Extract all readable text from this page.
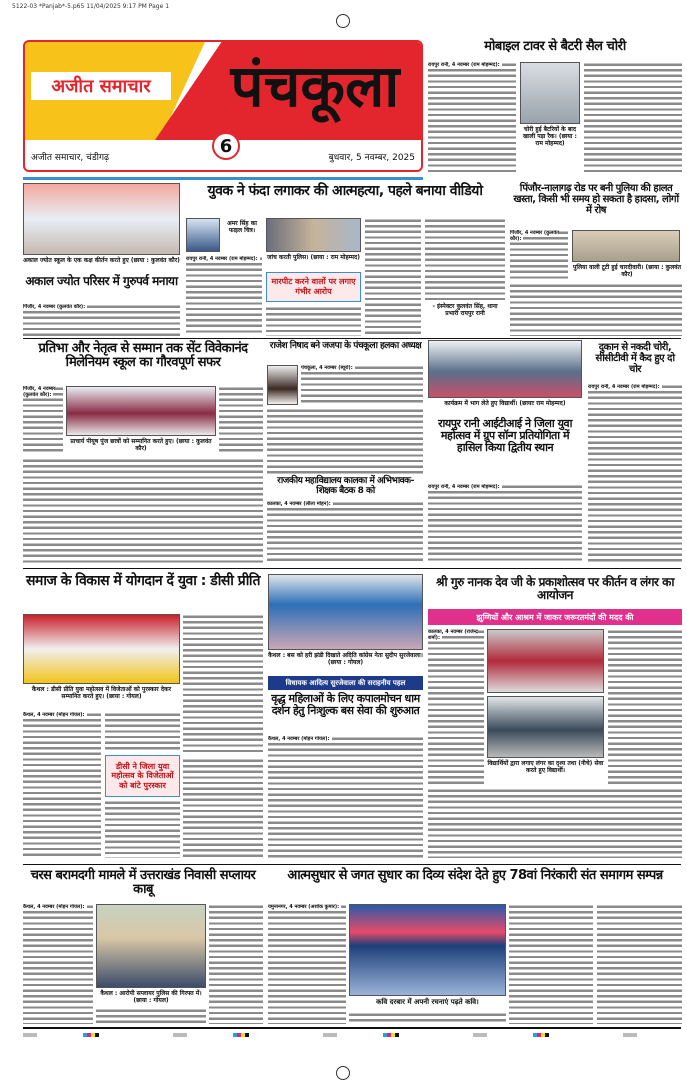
5122-03 *Panjab*-5.p65 11/04/2025 9:17 PM Page 1
अजीत समाचार	पंचकूला
अजीत समाचार, चंडीगढ़
6
बुधवार, 5 नवम्बर, 2025
मोबाइल टावर से बैटरी सैल चोरी
रायपुर रानी, 4 नवम्बर (राम मोहम्मद):
चोरी हुई बैटरियों के बाद खाली पड़ा रैक। (छाया : राम मोहम्मद)
अकाल ज्योत स्कूल के एक कक्ष कीर्तन करते हुए (छाया : कुलवंत कौर)
अकाल ज्योत परिसर में गुरुपर्व मनाया
पिंजौर, 4 नवम्बर (कुलवंत कौर):
युवक ने फंदा लगाकर की आत्महत्या, पहले बनाया वीडियो
अमर सिंह का फाइल चित्र।
रायपुर रानी, 4 नवम्बर (राम मोहम्मद):	जांच करती पुलिस। (छाया : राम मोहम्मद)
मारपीट करने वालों पर लगाए गंभीर आरोप
- इंस्पेक्टर कुलवंत सिंह, थाना प्रभारी रायपुर रानी
पिंजौर-नालागढ़ रोड पर बनी पुलिया की हालत खस्ता, किसी भी समय हो सकता है हादसा, लोगों में रोष
पिंजौर, 4 नवम्बर (कुलवंत कौर):
पुलिया वाली टूटी हुई चारदीवारी। (छाया : कुलवंत कौर)
प्रतिभा और नेतृत्व से सम्मान तक सेंट विवेकानंद मिलेनियम स्कूल का गौरवपूर्ण सफर
पिंजौर, 4 नवम्बर (कुलवंत कौर):
प्राचार्य पीयूष पुंज छात्रों को सम्मानित करते हुए। (छाया : कुलवंत कौर)
राजेश निषाद बने जजपा के पंचकूला हलका अध्यक्ष
पंचकूला, 4 नवम्बर (ब्यूरो):
राजकीय महाविद्यालय कालका में अभिभावक-शिक्षक बैठक 8 को
कालका, 4 नवम्बर (लीला मोहन):
कार्यक्रम में भाग लेते हुए विद्यार्थी। (छायाः राम मोहम्मद)
रायपुर रानी आईटीआई ने जिला युवा महोत्सव में ग्रुप सॉन्ग प्रतियोगिता में हासिल किया द्वितीय स्थान
रायपुर रानी, 4 नवम्बर (राम मोहम्मद):
दुकान से नकदी चोरी, सीसीटीवी में कैद हुए दो चोर
रायपुर रानी, 4 नवम्बर (राम मोहम्मद):
समाज के विकास में योगदान दें युवा : डीसी प्रीति
कैथल : डीसी प्रीति युवा महोत्सव में विजेताओं को पुरस्कार देकर सम्मानित करते हुए। (छाया : गोयल)
कैथल, 4 नवम्बर (मोहन गोयल):
डीसी ने जिला युवा महोत्सव के विजेताओं को बांटे पुरस्कार
कैथल : बस को हरी झंडी दिखाते अदिति कांग्रेस नेता सुदीप सुरजेवाला। (छाया : गोयल)
विधायक आदित्य सुरजेवाला की सराहनीय पहल
वृद्ध महिलाओं के लिए कपालमोचन धाम दर्शन हेतु निःशुल्क बस सेवा की शुरुआत
कैथल, 4 नवम्बर (मोहन गोयल):
श्री गुरु नानक देव जी के प्रकाशोत्सव पर कीर्तन व लंगर का आयोजन
झुग्गियों और आश्रम में जाकर जरूरतमंदों की मदद की
कालका, 4 नवम्बर (राजेन्द्र शर्मा):
विद्यार्थियों द्वारा लगाए लंगर का दृश्य तथा (नीचे) सेवा करते हुए विद्यार्थी।
चरस बरामदगी मामले में उत्तराखंड निवासी सप्लायर काबू
कैथल, 4 नवम्बर (मोहन गोयल):
कैथल : आरोपी सप्लायर पुलिस की गिरफ्त में। (छाया : गोयल)
आत्मसुधार से जगत सुधार का दिव्य संदेश देते हुए 78वां निरंकारी संत समागम सम्पन्न
यमुनानगर, 4 नवम्बर (अशोक कुमार):
कवि दरबार में अपनी रचनाएं पढ़ते कवि।
